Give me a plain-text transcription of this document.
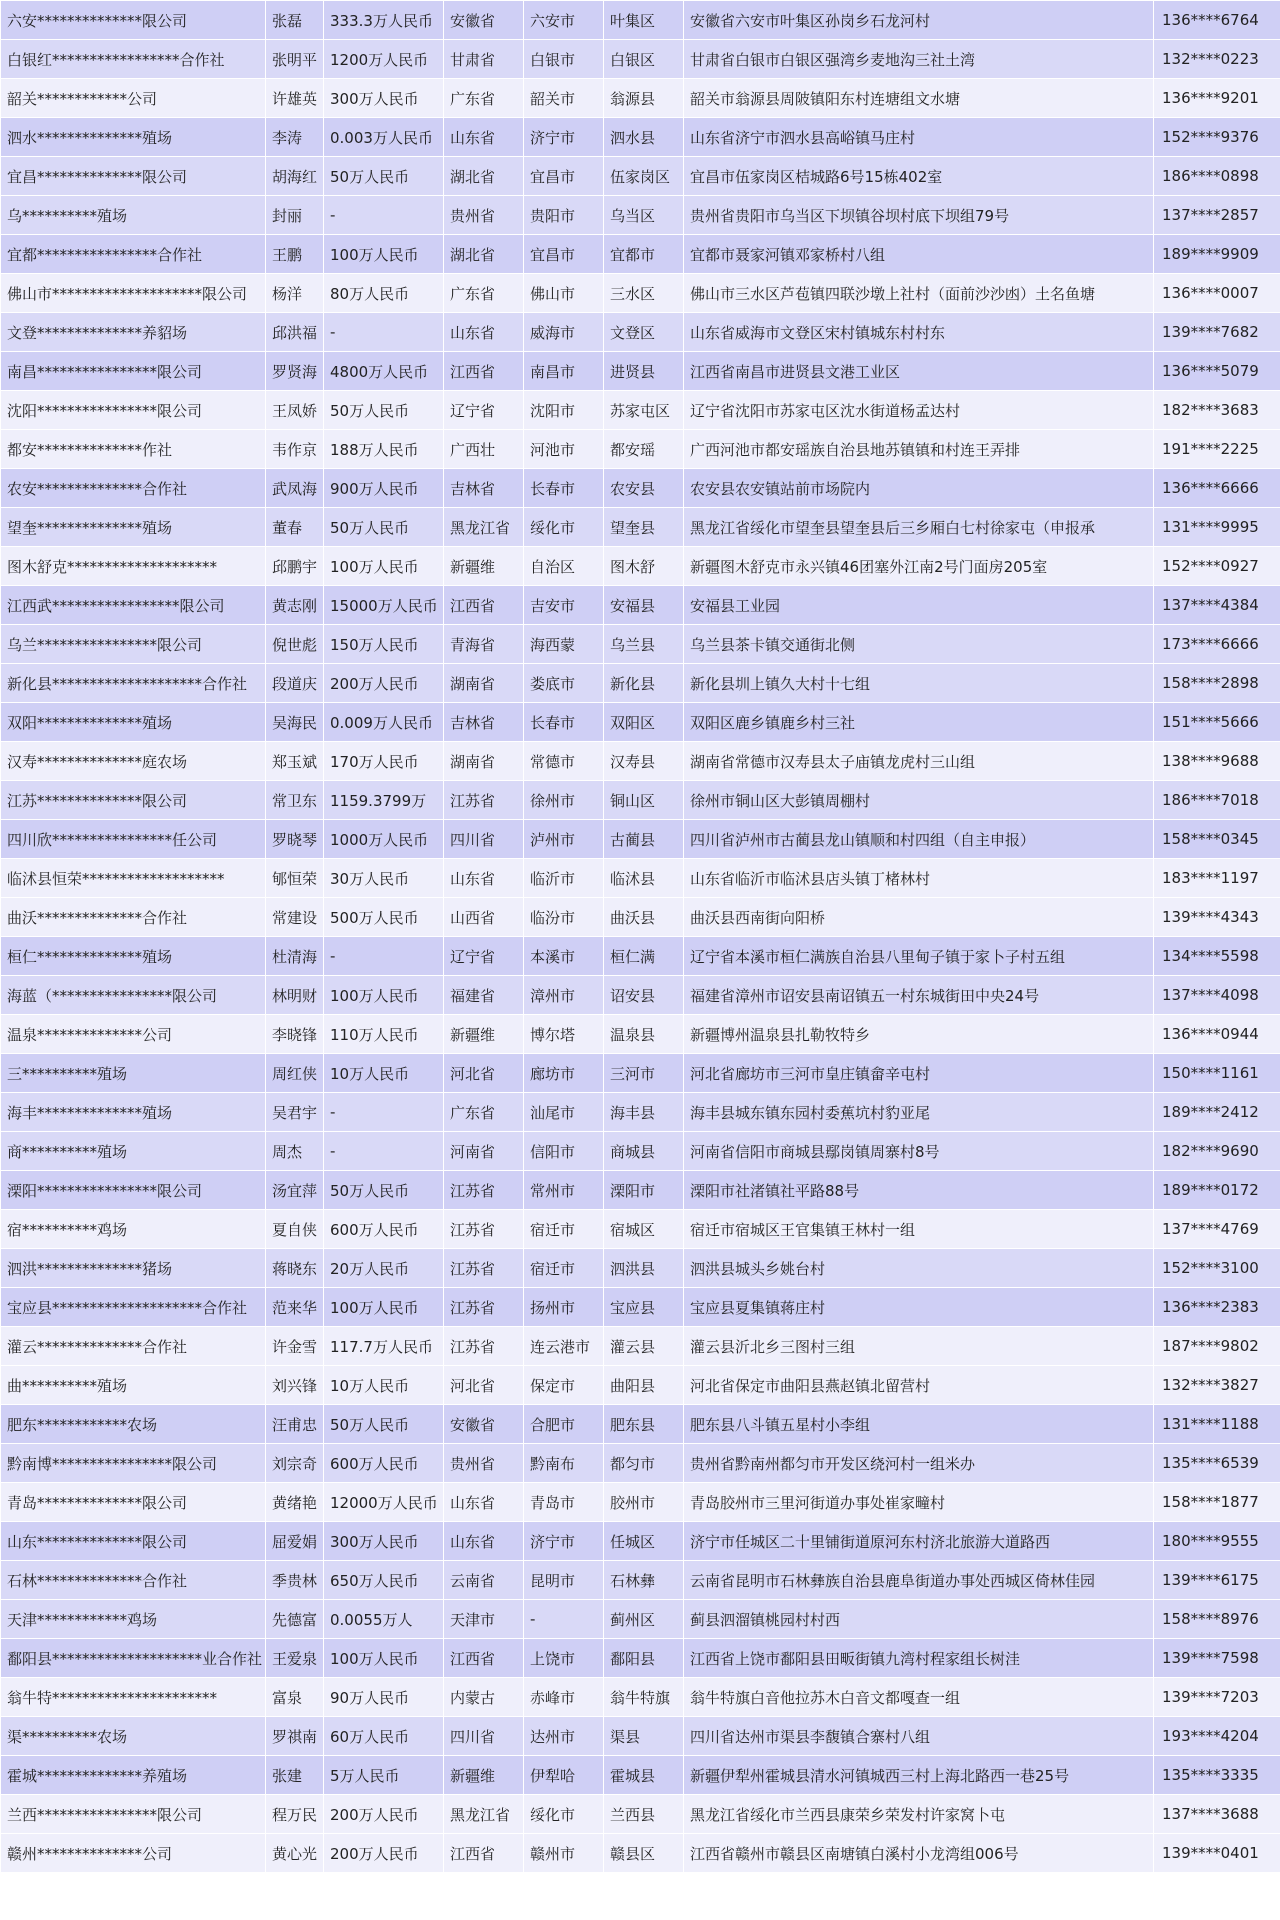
六安**************限公司	张磊	333.3万人民币	安徽省	六安市	叶集区	安徽省六安市叶集区孙岗乡石龙河村	136****6764
白银红*****************合作社	张明平	1200万人民币	甘肃省	白银市	白银区	甘肃省白银市白银区强湾乡麦地沟三社土湾	132****0223
韶关************公司	许雄英	300万人民币	广东省	韶关市	翁源县	韶关市翁源县周陂镇阳东村连塘组文水塘	136****9201
泗水**************殖场	李涛	0.003万人民币	山东省	济宁市	泗水县	山东省济宁市泗水县高峪镇马庄村	152****9376
宜昌**************限公司	胡海红	50万人民币	湖北省	宜昌市	伍家岗区	宜昌市伍家岗区桔城路6号15栋402室	186****0898
乌**********殖场	封丽	-	贵州省	贵阳市	乌当区	贵州省贵阳市乌当区下坝镇谷坝村底下坝组79号	137****2857
宜都****************合作社	王鹏	100万人民币	湖北省	宜昌市	宜都市	宜都市聂家河镇邓家桥村八组	189****9909
佛山市********************限公司	杨洋	80万人民币	广东省	佛山市	三水区	佛山市三水区芦苞镇四联沙墩上社村（面前沙沙凼）土名鱼塘	136****0007
文登**************养貂场	邱洪福	-	山东省	威海市	文登区	山东省威海市文登区宋村镇城东村村东	139****7682
南昌****************限公司	罗贤海	4800万人民币	江西省	南昌市	进贤县	江西省南昌市进贤县文港工业区	136****5079
沈阳****************限公司	王凤娇	50万人民币	辽宁省	沈阳市	苏家屯区	辽宁省沈阳市苏家屯区沈水街道杨孟达村	182****3683
都安**************作社	韦作京	188万人民币	广西壮	河池市	都安瑶	广西河池市都安瑶族自治县地苏镇镇和村连王弄排	191****2225
农安**************合作社	武凤海	900万人民币	吉林省	长春市	农安县	农安县农安镇站前市场院内	136****6666
望奎**************殖场	董春	50万人民币	黑龙江省	绥化市	望奎县	黑龙江省绥化市望奎县望奎县后三乡厢白七村徐家屯（申报承	131****9995
图木舒克********************	邱鹏宇	100万人民币	新疆维	自治区	图木舒	新疆图木舒克市永兴镇46团塞外江南2号门面房205室	152****0927
江西武*****************限公司	黄志刚	15000万人民币	江西省	吉安市	安福县	安福县工业园	137****4384
乌兰****************限公司	倪世彪	150万人民币	青海省	海西蒙	乌兰县	乌兰县茶卡镇交通街北侧	173****6666
新化县********************合作社	段道庆	200万人民币	湖南省	娄底市	新化县	新化县圳上镇久大村十七组	158****2898
双阳**************殖场	吴海民	0.009万人民币	吉林省	长春市	双阳区	双阳区鹿乡镇鹿乡村三社	151****5666
汉寿**************庭农场	郑玉斌	170万人民币	湖南省	常德市	汉寿县	湖南省常德市汉寿县太子庙镇龙虎村三山组	138****9688
江苏**************限公司	常卫东	1159.3799万	江苏省	徐州市	铜山区	徐州市铜山区大彭镇周棚村	186****7018
四川欣****************任公司	罗晓琴	1000万人民币	四川省	泸州市	古蔺县	四川省泸州市古蔺县龙山镇顺和村四组（自主申报）	158****0345
临沭县恒荣*******************	郇恒荣	30万人民币	山东省	临沂市	临沭县	山东省临沂市临沭县店头镇丁楮林村	183****1197
曲沃**************合作社	常建设	500万人民币	山西省	临汾市	曲沃县	曲沃县西南街向阳桥	139****4343
桓仁**************殖场	杜清海	-	辽宁省	本溪市	桓仁满	辽宁省本溪市桓仁满族自治县八里甸子镇于家卜子村五组	134****5598
海蓝（****************限公司	林明财	100万人民币	福建省	漳州市	诏安县	福建省漳州市诏安县南诏镇五一村东城街田中央24号	137****4098
温泉**************公司	李晓锋	110万人民币	新疆维	博尔塔	温泉县	新疆博州温泉县扎勒牧特乡	136****0944
三**********殖场	周红侠	10万人民币	河北省	廊坊市	三河市	河北省廊坊市三河市皇庄镇畲辛屯村	150****1161
海丰**************殖场	吴君宇	-	广东省	汕尾市	海丰县	海丰县城东镇东园村委蕉坑村豹亚尾	189****2412
商**********殖场	周杰	-	河南省	信阳市	商城县	河南省信阳市商城县鄢岗镇周寨村8号	182****9690
溧阳****************限公司	汤宜萍	50万人民币	江苏省	常州市	溧阳市	溧阳市社渚镇社平路88号	189****0172
宿**********鸡场	夏自侠	600万人民币	江苏省	宿迁市	宿城区	宿迁市宿城区王官集镇王林村一组	137****4769
泗洪**************猪场	蒋晓东	20万人民币	江苏省	宿迁市	泗洪县	泗洪县城头乡姚台村	152****3100
宝应县********************合作社	范来华	100万人民币	江苏省	扬州市	宝应县	宝应县夏集镇蒋庄村	136****2383
灌云**************合作社	许金雪	117.7万人民币	江苏省	连云港市	灌云县	灌云县沂北乡三图村三组	187****9802
曲**********殖场	刘兴锋	10万人民币	河北省	保定市	曲阳县	河北省保定市曲阳县燕赵镇北留营村	132****3827
肥东************农场	汪甫忠	50万人民币	安徽省	合肥市	肥东县	肥东县八斗镇五星村小李组	131****1188
黔南博****************限公司	刘宗奇	600万人民币	贵州省	黔南布	都匀市	贵州省黔南州都匀市开发区绕河村一组米办	135****6539
青岛**************限公司	黄绪艳	12000万人民币	山东省	青岛市	胶州市	青岛胶州市三里河街道办事处崔家疃村	158****1877
山东**************限公司	屈爱娟	300万人民币	山东省	济宁市	任城区	济宁市任城区二十里铺街道原河东村济北旅游大道路西	180****9555
石林**************合作社	季贵林	650万人民币	云南省	昆明市	石林彝	云南省昆明市石林彝族自治县鹿阜街道办事处西城区倚林佳园	139****6175
天津************鸡场	先德富	0.0055万人	天津市	-	蓟州区	蓟县泗溜镇桃园村村西	158****8976
鄱阳县********************业合作社	王爱泉	100万人民币	江西省	上饶市	鄱阳县	江西省上饶市鄱阳县田畈街镇九湾村程家组长树洼	139****7598
翁牛特**********************	富泉	90万人民币	内蒙古	赤峰市	翁牛特旗	翁牛特旗白音他拉苏木白音文都嘎查一组	139****7203
渠**********农场	罗祺南	60万人民币	四川省	达州市	渠县	四川省达州市渠县李馥镇合寨村八组	193****4204
霍城**************养殖场	张建	5万人民币	新疆维	伊犁哈	霍城县	新疆伊犁州霍城县清水河镇城西三村上海北路西一巷25号	135****3335
兰西****************限公司	程万民	200万人民币	黑龙江省	绥化市	兰西县	黑龙江省绥化市兰西县康荣乡荣发村许家窝卜屯	137****3688
赣州**************公司	黄心光	200万人民币	江西省	赣州市	赣县区	江西省赣州市赣县区南塘镇白溪村小龙湾组006号	139****0401
